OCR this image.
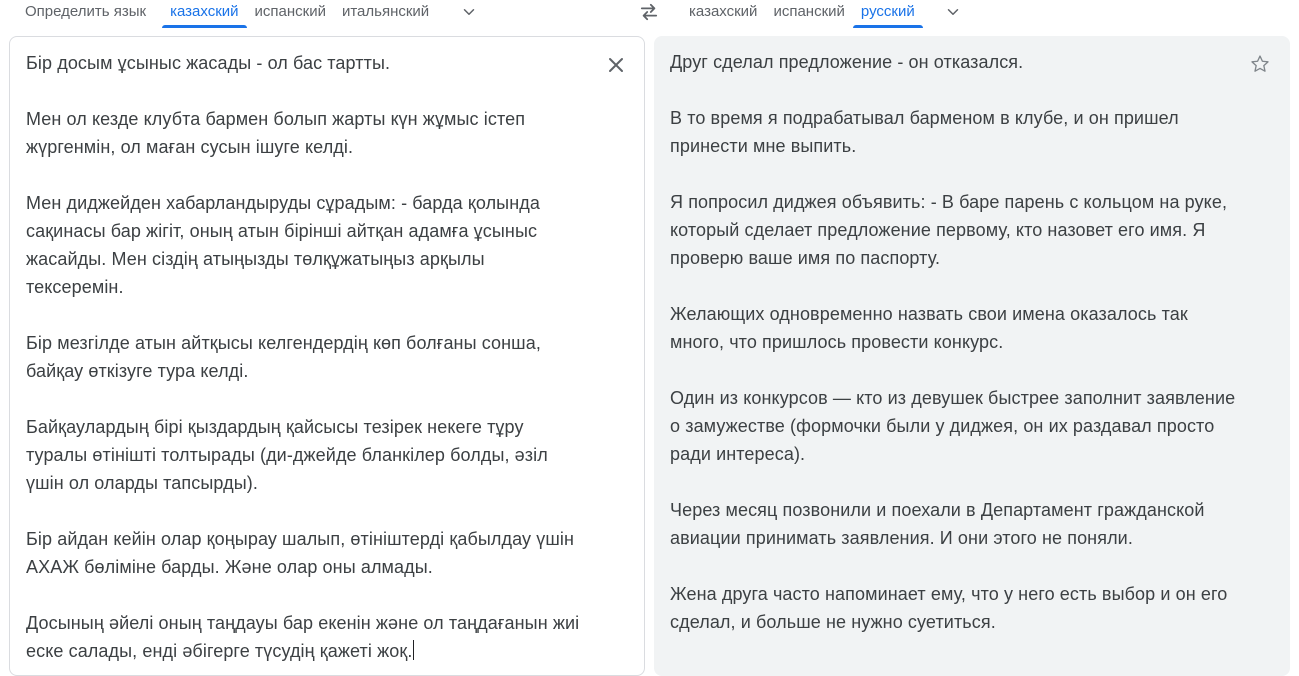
Определить язык казахский испанский итальянский	казахский испанский русский

Бір досым ұсыныс жасады - ол бас тартты.

Мен ол кезде клубта бармен болып жарты күн жұмыс істеп
жүргенмін, ол маған сусын ішуге келді.

Мен диджейден хабарландыруды сұрадым: - барда қолында
сақинасы бар жігіт, оның атын бірінші айтқан адамға ұсыныс
жасайды. Мен сіздің атыңызды төлқұжатыңыз арқылы
тексеремін.

Бір мезгілде атын айтқысы келгендердің көп болғаны сонша,
байқау өткізуге тура келді.

Байқаулардың бірі қыздардың қайсысы тезірек некеге тұру
туралы өтінішті толтырады (ди-джейде бланкілер болды, әзіл
үшін ол оларды тапсырды).

Бір айдан кейін олар қоңырау шалып, өтініштерді қабылдау үшін
АХАЖ бөліміне барды. Және олар оны алмады.

Досының әйелі оның таңдауы бар екенін және ол таңдағанын жиі
еске салады, енді әбігерге түсудің қажеті жоқ.

Друг сделал предложение - он отказался.

В то время я подрабатывал барменом в клубе, и он пришел
принести мне выпить.

Я попросил диджея объявить: - В баре парень с кольцом на руке,
который сделает предложение первому, кто назовет его имя. Я
проверю ваше имя по паспорту.

Желающих одновременно назвать свои имена оказалось так
много, что пришлось провести конкурс.

Один из конкурсов — кто из девушек быстрее заполнит заявление
о замужестве (формочки были у диджея, он их раздавал просто
ради интереса).

Через месяц позвонили и поехали в Департамент гражданской
авиации принимать заявления. И они этого не поняли.

Жена друга часто напоминает ему, что у него есть выбор и он его
сделал, и больше не нужно суетиться.
